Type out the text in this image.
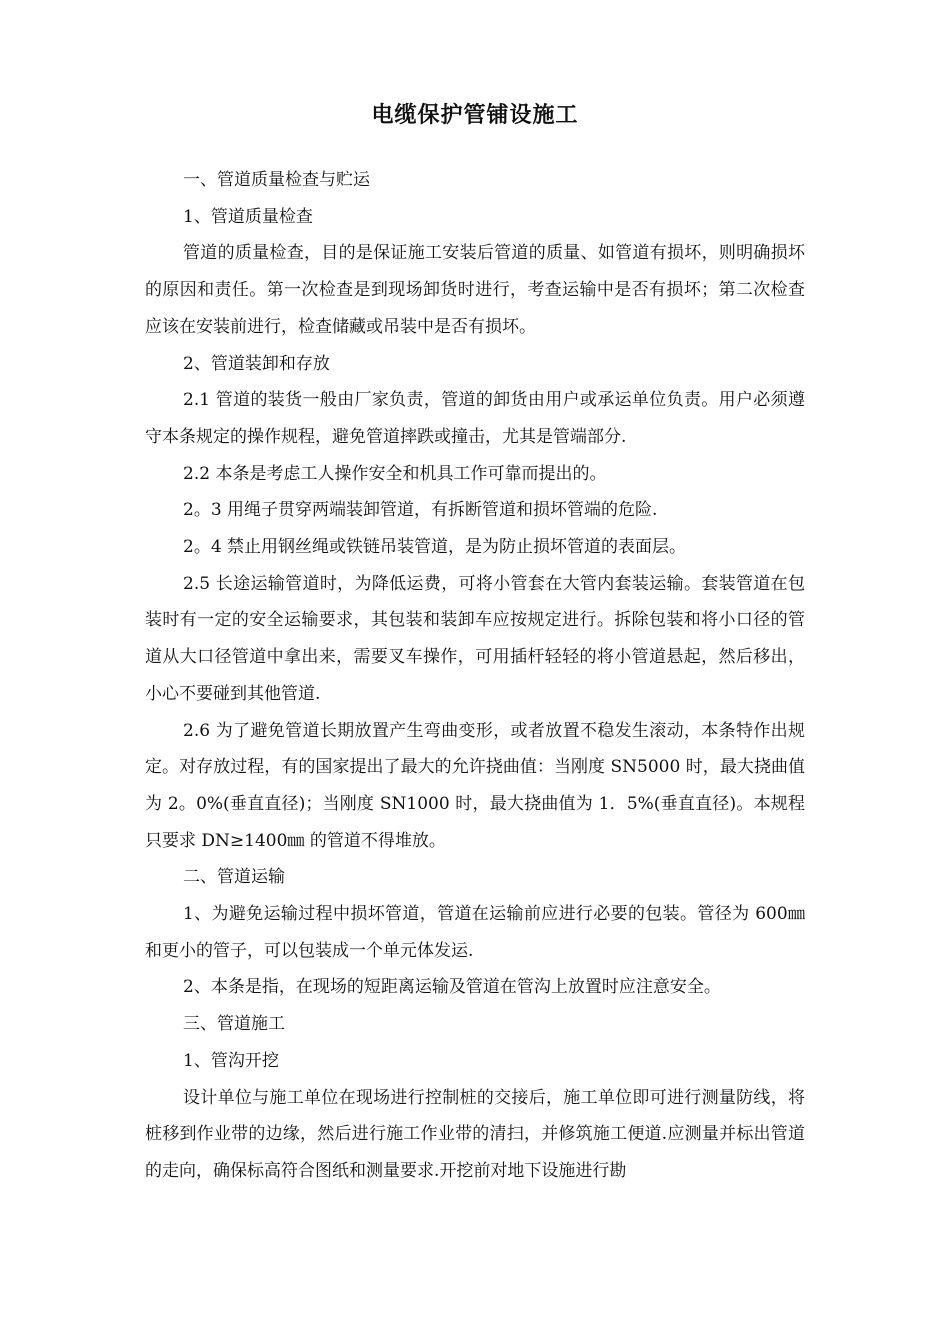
电缆保护管铺设施工

一、管道质量检查与贮运

1、管道质量检查

管道的质量检查，目的是保证施工安装后管道的质量、如管道有损坏，则明确损坏的原因和责任。第一次检查是到现场卸货时进行，考查运输中是否有损坏；第二次检查应该在安装前进行，检查储藏或吊装中是否有损坏。

2、管道装卸和存放

2.1 管道的装货一般由厂家负责，管道的卸货由用户或承运单位负责。用户必须遵守本条规定的操作规程，避免管道摔跌或撞击，尤其是管端部分.

2.2 本条是考虑工人操作安全和机具工作可靠而提出的。

2。3 用绳子贯穿两端装卸管道，有拆断管道和损坏管端的危险.

2。4 禁止用钢丝绳或铁链吊装管道，是为防止损坏管道的表面层。

2.5 长途运输管道时，为降低运费，可将小管套在大管内套装运输。套装管道在包装时有一定的安全运输要求，其包装和装卸车应按规定进行。拆除包装和将小口径的管道从大口径管道中拿出来，需要叉车操作，可用插杆轻轻的将小管道悬起，然后移出，小心不要碰到其他管道.

2.6 为了避免管道长期放置产生弯曲变形，或者放置不稳发生滚动，本条特作出规定。对存放过程，有的国家提出了最大的允许挠曲值：当刚度 SN5000 时，最大挠曲值为 2。0%(垂直直径)；当刚度 SN1000 时，最大挠曲值为 1．5%(垂直直径)。本规程只要求 DN≥1400㎜ 的管道不得堆放。

二、管道运输

1、为避免运输过程中损坏管道，管道在运输前应进行必要的包装。管径为 600㎜ 和更小的管子，可以包装成一个单元体发运.

2、本条是指，在现场的短距离运输及管道在管沟上放置时应注意安全。

三、管道施工

1、管沟开挖

设计单位与施工单位在现场进行控制桩的交接后，施工单位即可进行测量防线，将桩移到作业带的边缘，然后进行施工作业带的清扫，并修筑施工便道.应测量并标出管道的走向，确保标高符合图纸和测量要求.开挖前对地下设施进行勘
